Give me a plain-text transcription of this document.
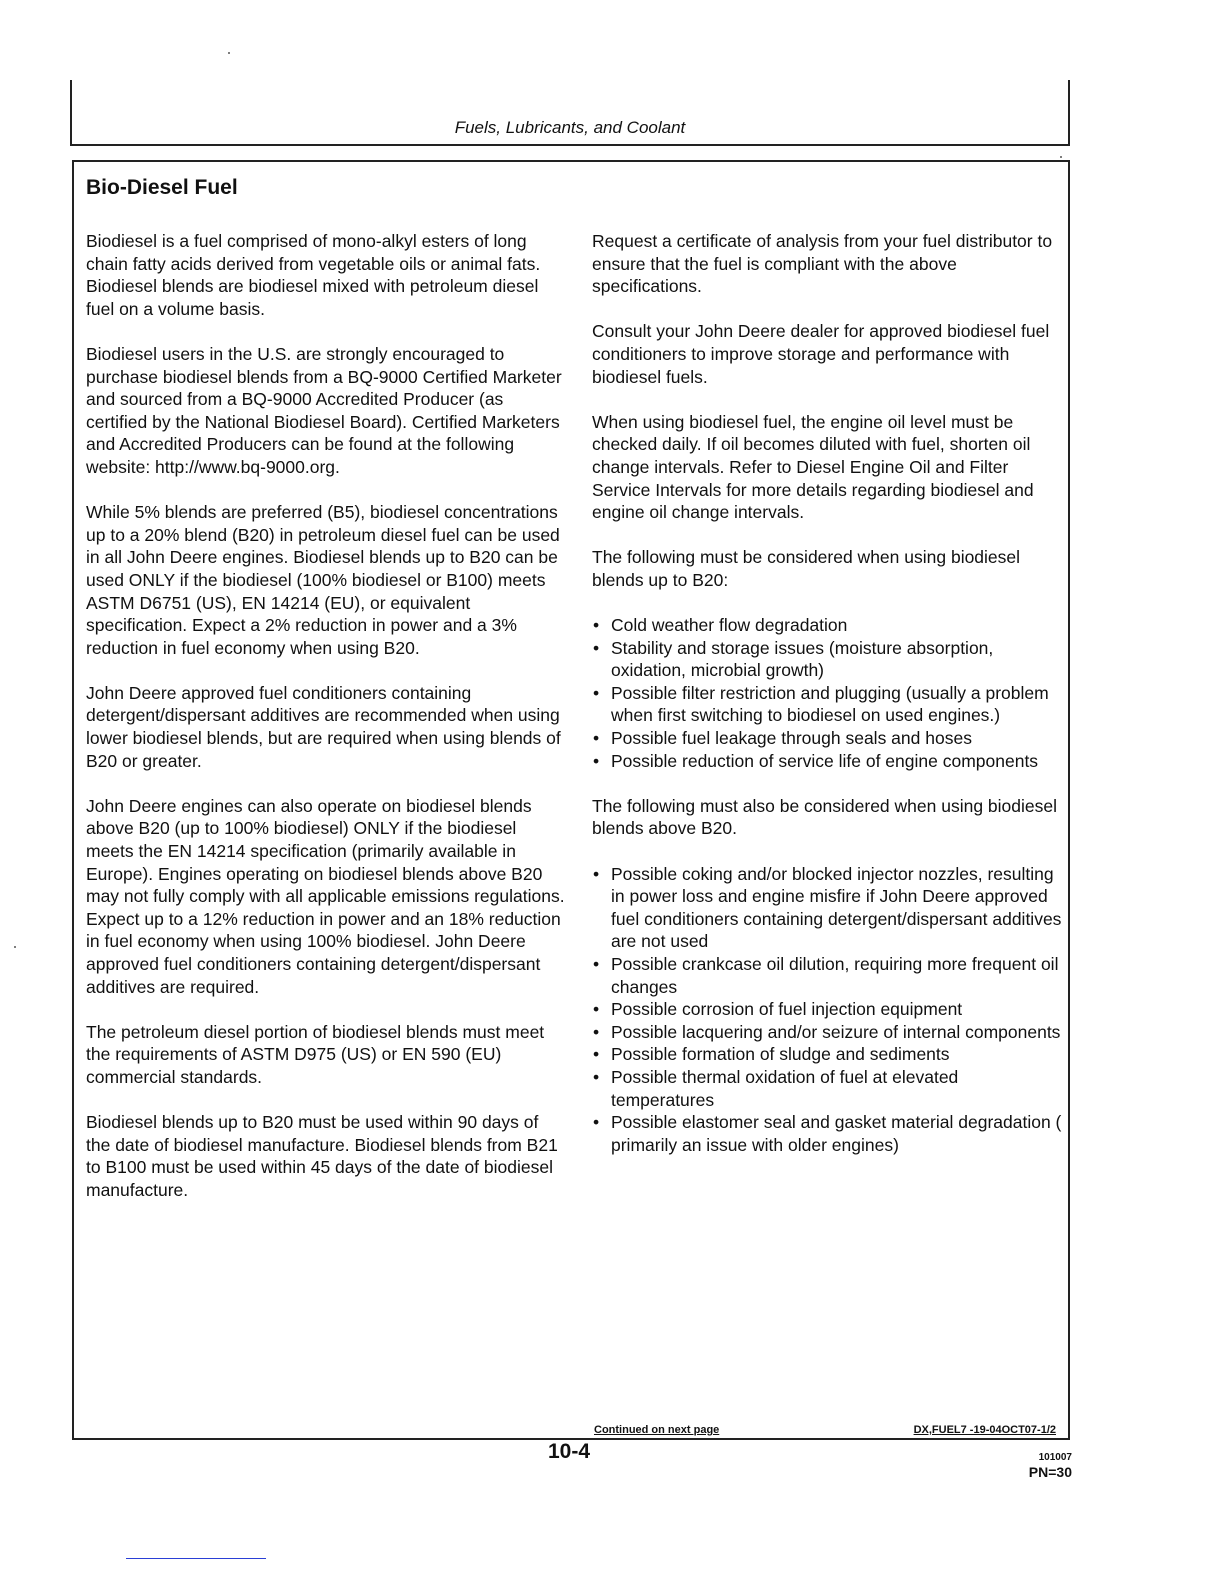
Fuels, Lubricants, and Coolant
Bio-Diesel Fuel

Biodiesel is a fuel comprised of mono-alkyl esters of long chain fatty acids derived from vegetable oils or animal fats. Biodiesel blends are biodiesel mixed with petroleum diesel fuel on a volume basis.

Biodiesel users in the U.S. are strongly encouraged to purchase biodiesel blends from a BQ-9000 Certified Marketer and sourced from a BQ-9000 Accredited Producer (as certified by the National Biodiesel Board). Certified Marketers and Accredited Producers can be found at the following website: http://www.bq-9000.org.

While 5% blends are preferred (B5), biodiesel concentrations up to a 20% blend (B20) in petroleum diesel fuel can be used in all John Deere engines. Biodiesel blends up to B20 can be used ONLY if the biodiesel (100% biodiesel or B100) meets ASTM D6751 (US), EN 14214 (EU), or equivalent specification. Expect a 2% reduction in power and a 3% reduction in fuel economy when using B20.

John Deere approved fuel conditioners containing detergent/dispersant additives are recommended when using lower biodiesel blends, but are required when using blends of B20 or greater.

John Deere engines can also operate on biodiesel blends above B20 (up to 100% biodiesel) ONLY if the biodiesel meets the EN 14214 specification (primarily available in Europe). Engines operating on biodiesel blends above B20 may not fully comply with all applicable emissions regulations. Expect up to a 12% reduction in power and an 18% reduction in fuel economy when using 100% biodiesel. John Deere approved fuel conditioners containing detergent/dispersant additives are required.

The petroleum diesel portion of biodiesel blends must meet the requirements of ASTM D975 (US) or EN 590 (EU) commercial standards.

Biodiesel blends up to B20 must be used within 90 days of the date of biodiesel manufacture. Biodiesel blends from B21 to B100 must be used within 45 days of the date of biodiesel manufacture.

Request a certificate of analysis from your fuel distributor to ensure that the fuel is compliant with the above specifications.

Consult your John Deere dealer for approved biodiesel fuel conditioners to improve storage and performance with biodiesel fuels.

When using biodiesel fuel, the engine oil level must be checked daily. If oil becomes diluted with fuel, shorten oil change intervals. Refer to Diesel Engine Oil and Filter Service Intervals for more details regarding biodiesel and engine oil change intervals.

The following must be considered when using biodiesel blends up to B20:

• Cold weather flow degradation
• Stability and storage issues (moisture absorption, oxidation, microbial growth)
• Possible filter restriction and plugging (usually a problem when first switching to biodiesel on used engines.)
• Possible fuel leakage through seals and hoses
• Possible reduction of service life of engine components

The following must also be considered when using biodiesel blends above B20.

• Possible coking and/or blocked injector nozzles, resulting in power loss and engine misfire if John Deere approved fuel conditioners containing detergent/dispersant additives are not used
• Possible crankcase oil dilution, requiring more frequent oil changes
• Possible corrosion of fuel injection equipment
• Possible lacquering and/or seizure of internal components
• Possible formation of sludge and sediments
• Possible thermal oxidation of fuel at elevated temperatures
• Possible elastomer seal and gasket material degradation ( primarily an issue with older engines)
Continued on next page	DX,FUEL7 -19-04OCT07-1/2
10-4	101007
PN=30
